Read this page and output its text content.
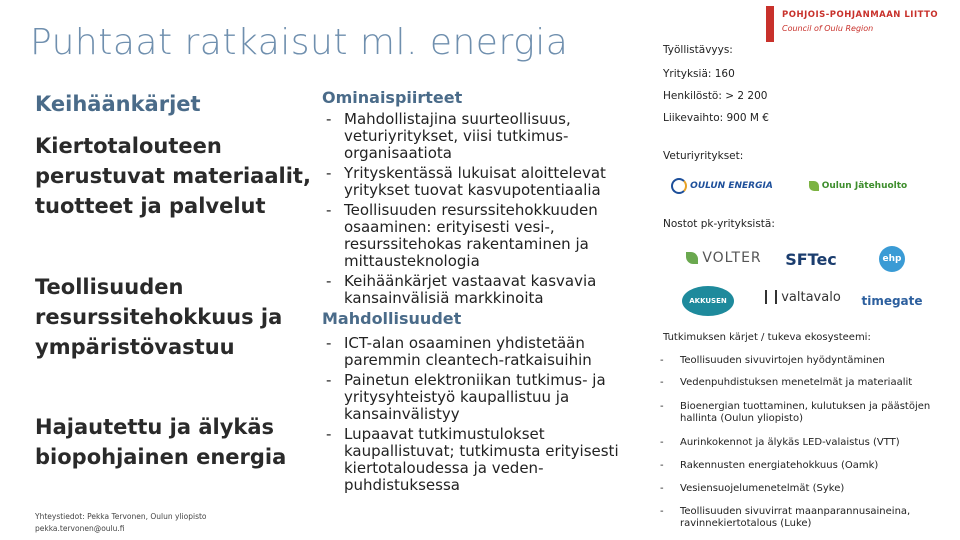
Puhtaat ratkaisut ml. energia
POHJOIS-POHJANMAAN LIITTO
Council of Oulu Region
Keihäänkärjet
Kiertotalouteen
perustuvat materiaalit,
tuotteet ja palvelut
Teollisuuden
resurssitehokkuus ja
ympäristövastuu
Hajautettu ja älykäs
biopohjainen energia
Yhteystiedot: Pekka Tervonen, Oulun yliopisto
pekka.tervonen@oulu.fi
Ominaispiirteet
- Mahdollistajina suurteollisuus, veturiyritykset, viisi tutkimus-organisaatiota
- Yrityskentässä lukuisat aloittelevat yritykset tuovat kasvupotentiaalia
- Teollisuuden resurssitehokkuuden osaaminen: erityisesti vesi-, resurssitehokas rakentaminen ja mittausteknologia
- Keihäänkärjet vastaavat kasvavia kansainvälisiä markkinoita
Mahdollisuudet
- ICT-alan osaaminen yhdistetään paremmin cleantech-ratkaisuihin
- Painetun elektroniikan tutkimus- ja yritysyhteistyö kaupallistuu ja kansainvälistyy
- Lupaavat tutkimustulokset kaupallistuvat; tutkimusta erityisesti kiertotaloudessa ja veden-puhdistuksessa
Työllistävyys:
Yrityksiä: 160
Henkilöstö: > 2 200
Liikevaihto: 900 M €
Veturiyritykset:
OULUN ENERGIA	Oulun Jätehuolto
Nostot pk-yrityksistä:
VOLTER SFTec	ehp
AKKUSEN	valtavalo timegate
Tutkimuksen kärjet / tukeva ekosysteemi:
- Teollisuuden sivuvirtojen hyödyntäminen
- Vedenpuhdistuksen menetelmät ja materiaalit
- Bioenergian tuottaminen, kulutuksen ja päästöjen hallinta (Oulun yliopisto)
- Aurinkokennot ja älykäs LED-valaistus (VTT)
- Rakennusten energiatehokkuus (Oamk)
- Vesiensuojelumenetelmät (Syke)
- Teollisuuden sivuvirrat maanparannusaineina, ravinnekiertotalous (Luke)
